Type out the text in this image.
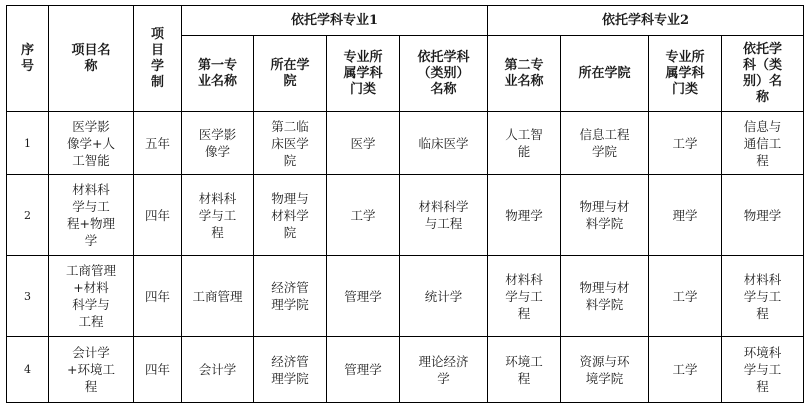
序
号	项目名
称	项
目
学
制	依托学科专业1				依托学科专业2			

			第一专
业名称	所在学
院	专业所
属学科
门类	依托学科
（类别）
名称	第二专
业名称	所在学院	专业所
属学科
门类	依托学
科（类
别）名
称

1	医学影
像学+人
工智能	五年	医学影
像学	第二临
床医学
院	医学	临床医学	人工智
能	信息工程
学院	工学	信息与
通信工
程

2	材料科
学与工
程+物理
学	四年	材料科
学与工
程	物理与
材料学
院	工学	材料科学
与工程	物理学	物理与材
料学院	理学	物理学

3	工商管理
+材料
科学与
工程	四年	工商管理	经济管
理学院	管理学	统计学	材料科
学与工
程	物理与材
料学院	工学	材料科
学与工
程

4	会计学
+环境工
程	四年	会计学	经济管
理学院	管理学	理论经济
学	环境工
程	资源与环
境学院	工学	环境科
学与工
程
